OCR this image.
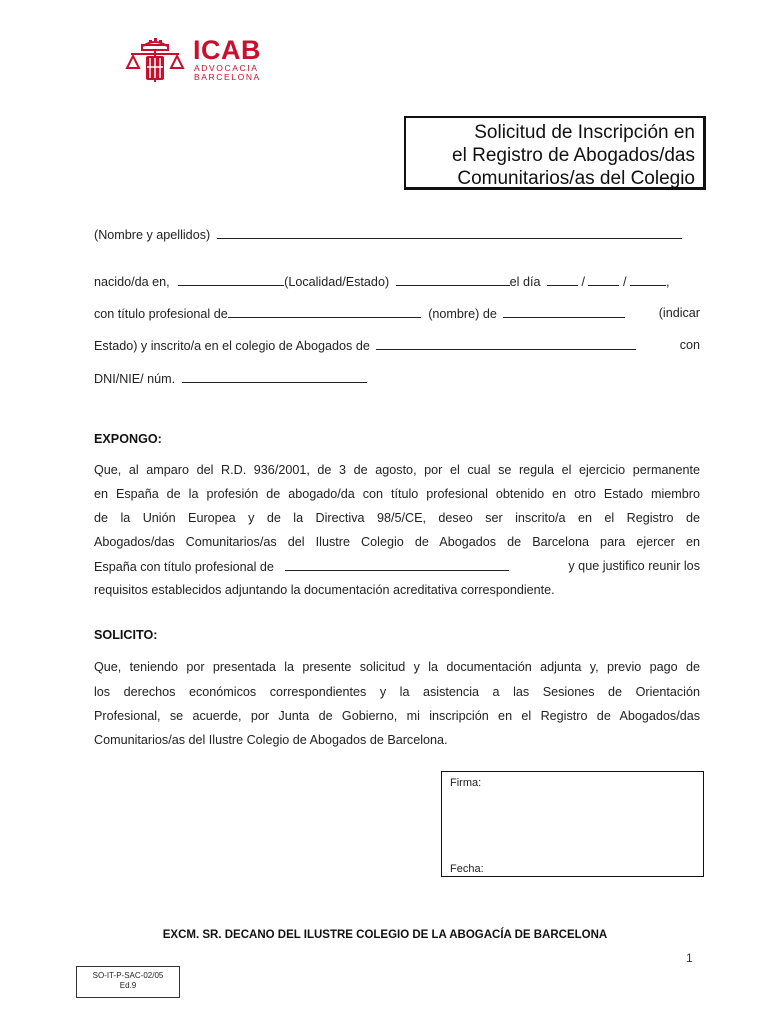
ICAB
ADVOCACIA
BARCELONA
Solicitud de Inscripción en
el Registro de Abogados/das
Comunitarios/as del Colegio
(Nombre y apellidos)
nacido/da en,	(Localidad/Estado)	el día	/	/	,
con título profesional de	(nombre) de	(indicar
Estado) y inscrito/a en el colegio de Abogados de	con
DNI/NIE/ núm.
EXPONGO:
Que, al amparo del R.D. 936/2001, de 3 de agosto, por el cual se regula el ejercicio permanente
en España de la profesión de abogado/da con título profesional obtenido en otro Estado miembro
de la Unión Europea y de la Directiva 98/5/CE, deseo ser inscrito/a en el Registro de
Abogados/das Comunitarios/as del Ilustre Colegio de Abogados de Barcelona para ejercer en
España con título profesional de	y que justifico reunir los
requisitos establecidos adjuntando la documentación acreditativa correspondiente.
SOLICITO:
Que, teniendo por presentada la presente solicitud y la documentación adjunta y, previo pago de
los derechos económicos correspondientes y la asistencia a las Sesiones de Orientación
Profesional, se acuerde, por Junta de Gobierno, mi inscripción en el Registro de Abogados/das
Comunitarios/as del Ilustre Colegio de Abogados de Barcelona.
Firma:
Fecha:
EXCM. SR. DECANO DEL ILUSTRE COLEGIO DE LA ABOGACÍA DE BARCELONA
1
SO-IT-P-SAC-02/05
Ed.9
